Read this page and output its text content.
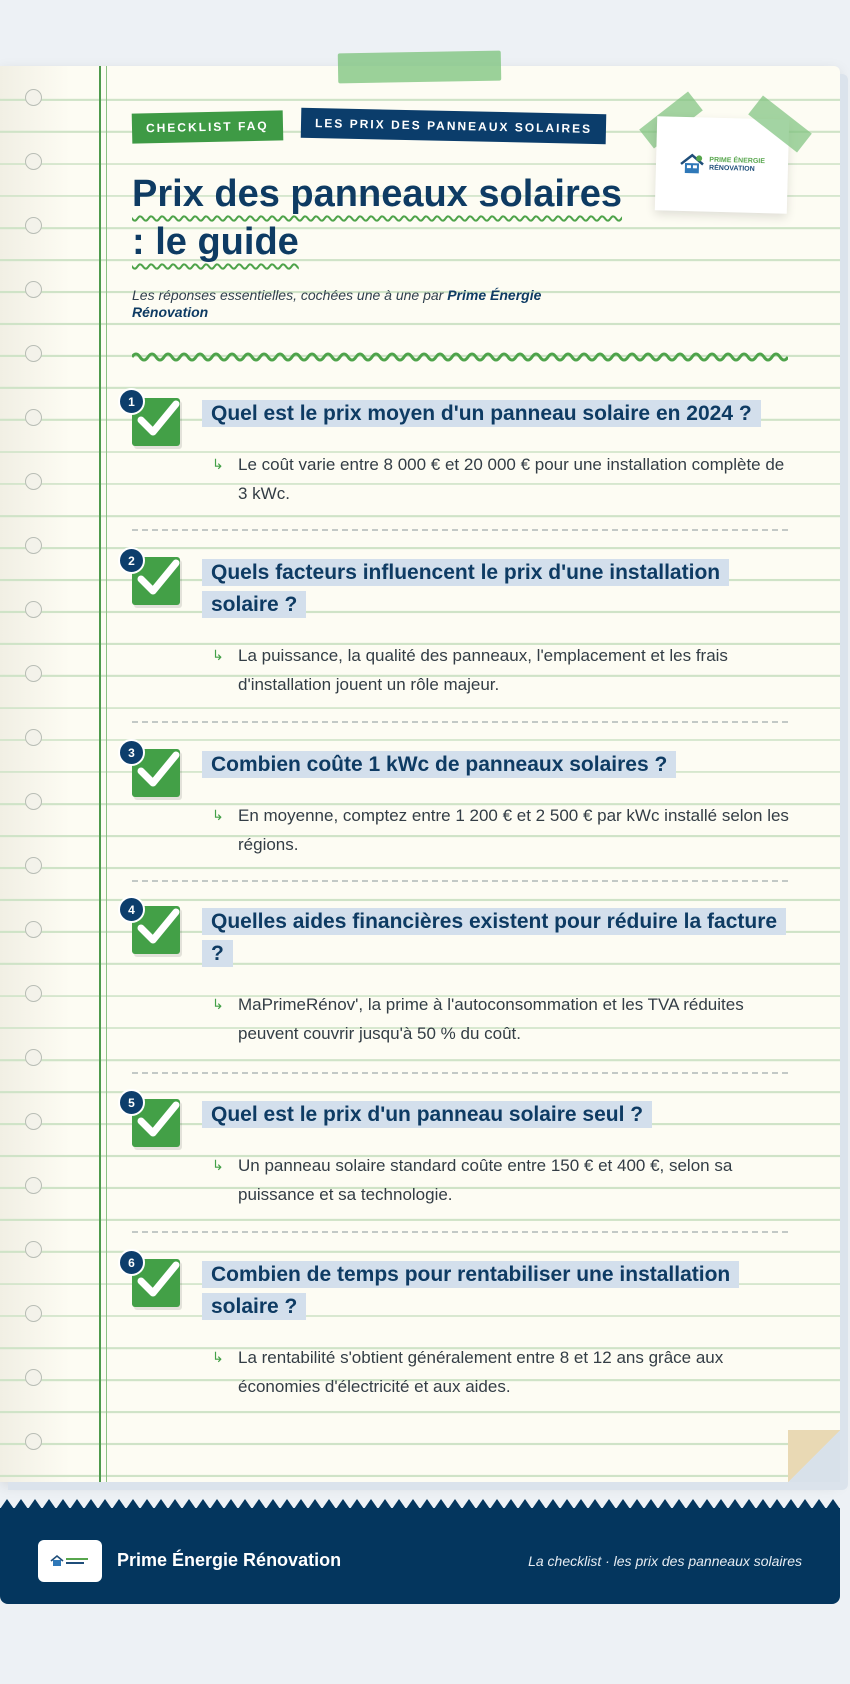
PRIME ÉNERGIE
RÉNOVATION
CHECKLIST FAQ	LES PRIX DES PANNEAUX SOLAIRES
Prix des panneaux solaires
: le guide

Les réponses essentielles, cochées une à une par Prime Énergie Rénovation

1
Quel est le prix moyen d'un panneau solaire en 2024 ?
↳ Le coût varie entre 8 000 € et 20 000 € pour une installation complète de 3 kWc.
2
Quels facteurs influencent le prix d'une installation solaire ?
↳ La puissance, la qualité des panneaux, l'emplacement et les frais d'installation jouent un rôle majeur.
3
Combien coûte 1 kWc de panneaux solaires ?
↳ En moyenne, comptez entre 1 200 € et 2 500 € par kWc installé selon les régions.
4
Quelles aides financières existent pour réduire la facture ?
↳ MaPrimeRénov', la prime à l'autoconsommation et les TVA réduites peuvent couvrir jusqu'à 50 % du coût.
5
Quel est le prix d'un panneau solaire seul ?
↳ Un panneau solaire standard coûte entre 150 € et 400 €, selon sa puissance et sa technologie.
6
Combien de temps pour rentabiliser une installation solaire ?
↳ La rentabilité s'obtient généralement entre 8 et 12 ans grâce aux économies d'électricité et aux aides.
Prime Énergie Rénovation	La checklist · les prix des panneaux solaires
